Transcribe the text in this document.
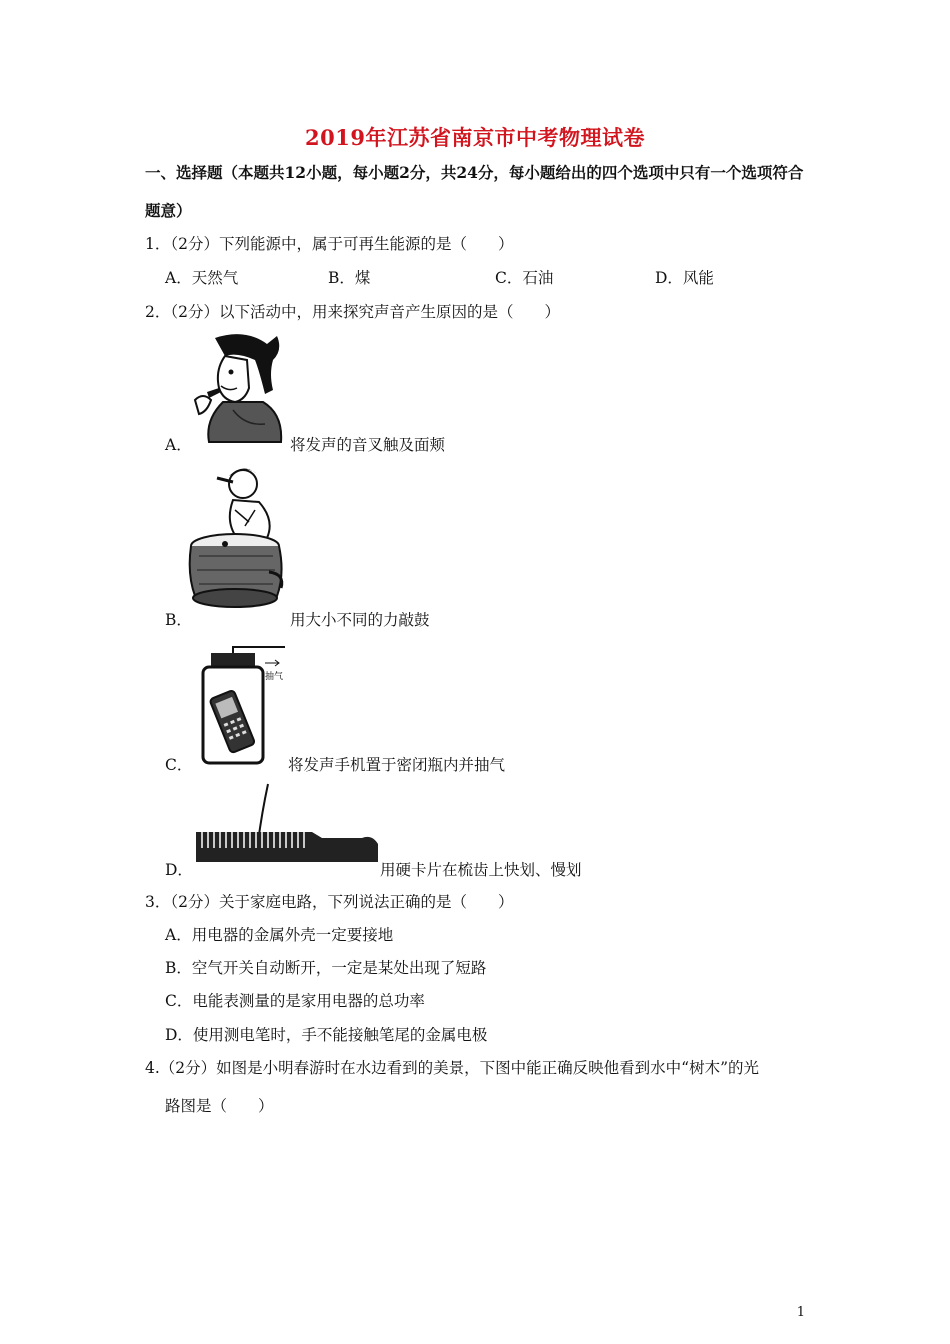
2019年江苏省南京市中考物理试卷
一、选择题（本题共12小题，每小题2分，共24分，每小题给出的四个选项中只有一个选项符合题意）
1．（2分）下列能源中，属于可再生能源的是（　　）
A．天然气	B．煤	C．石油	D．风能
2．（2分）以下活动中，用来探究声音产生原因的是（　　）
A．	将发声的音叉触及面颊
B．	用大小不同的力敲鼓
抽气
C．	将发声手机置于密闭瓶内并抽气
D．	用硬卡片在梳齿上快划、慢划
3．（2分）关于家庭电路，下列说法正确的是（　　）
A．用电器的金属外壳一定要接地
B．空气开关自动断开，一定是某处出现了短路
C．电能表测量的是家用电器的总功率
D．使用测电笔时，手不能接触笔尾的金属电极
4.（2分）如图是小明春游时在水边看到的美景，下图中能正确反映他看到水中“树木”的光
路图是（　　）
1
